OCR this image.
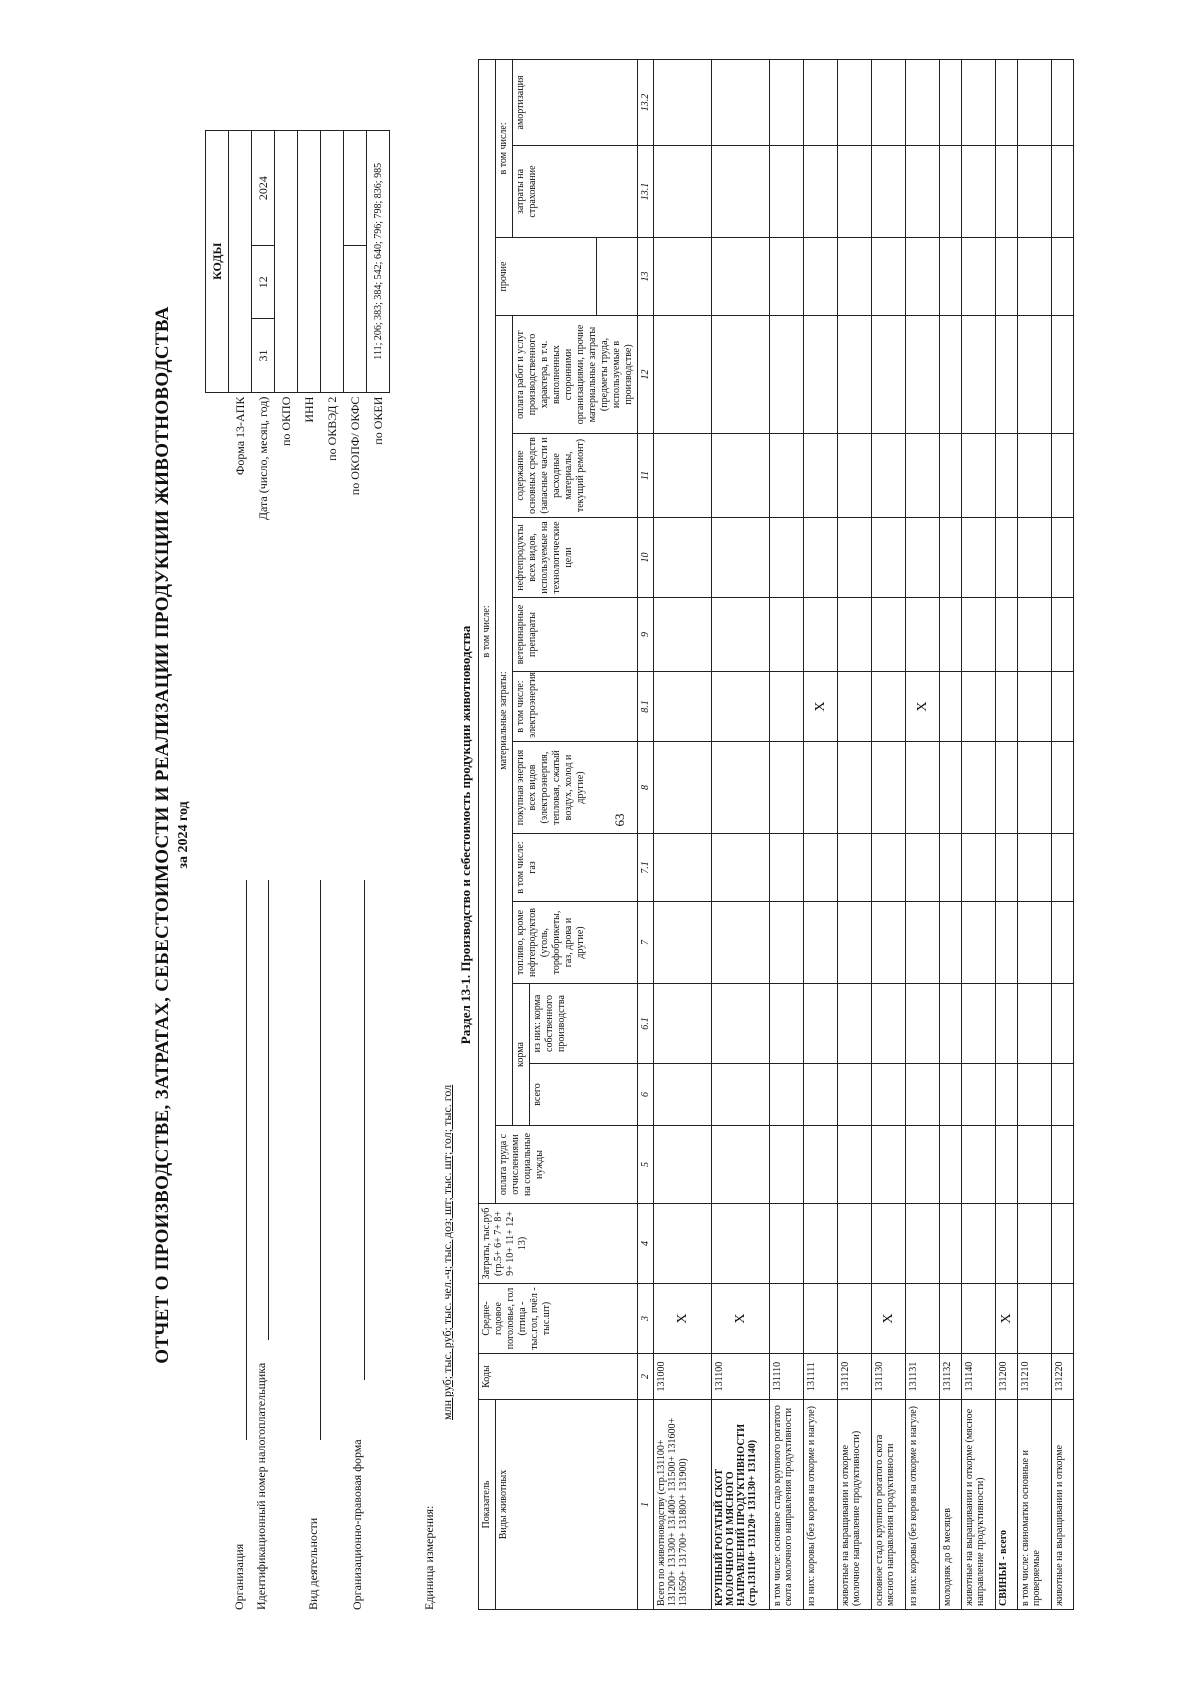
63
ОТЧЕТ О ПРОИЗВОДСТВЕ, ЗАТРАТАХ, СЕБЕСТОИМОСТИ И РЕАЛИЗАЦИИ ПРОДУКЦИИ ЖИВОТНОВОДСТВА за 2024 год
Организация Идентификационный номер налогоплательщика	Вид деятельности	Организационно-правовая форма	Единица измерения:
млн руб; тыс. руб; тыс. чел.-ч; тыс. доз; шт; тыс. шт; гол; тыс. гол
	КОДЫ		
Форма 13-АПК			
Дата (число, месяц, год)	31	12	2024
по ОКПО			
ИНН			
по ОКВЭД 2			
по ОКОПФ/ ОКФС			
по ОКЕИ	111; 206; 383; 384; 542; 640; 796; 798; 836; 985		
Раздел 13-1. Производство и себестоимость продукции животноводства
Показатель	Коды	Средне-годовое поголовье, гол (птица - тыс.гол, пчёл - тыс.шт)	Затраты, тыс.руб (гр.5+ 6+ 7+ 8+ 9+ 10+ 11+ 12+ 13)	в том числе:													
Виды животных				оплата труда с отчислениями на социальные нужды	материальные затраты:										прочие	в том числе:	
					корма		топливо, кроме нефтепродуктов (уголь, торфобрикеты, газ, дрова и другие)	в том числе: газ	покупная энергия всех видов (электроэнергия, тепловая, сжатый воздух, холод и другие)	в том числе: электроэнергия	ветеринарные препараты	нефтепродукты всех видов, используемые на технологические цели	содержание основных средств (запасные части и расходные материалы, текущий ремонт)	оплата работ и услуг производственного характера, в т.ч. выполненных сторонними организациями, прочие материальные затраты (предметы труда, используемые в производстве)		затраты на страхование	амортизация
					всего	из них: корма собственного производства											

1	2	3	4	5	6	6.1	7	7.1	8	8.1	9	10	11	12	13	13.1	13.2
Всего по животноводству (стр.131100+ 131200+ 131300+ 131400+ 131500+ 131600+ 131650+ 131700+ 131800+ 131900)	131000	X															
КРУПНЫЙ РОГАТЫЙ СКОТ МОЛОЧНОГО И МЯСНОГО НАПРАВЛЕНИЙ ПРОДУКТИВНОСТИ (стр.131110+ 131120+ 131130+ 131140)	131100	X															
в том числе: основное стадо крупного рогатого скота молочного направления продуктивности	131110																
из них: коровы (без коров на откорме и нагуле)	131111									X							
животные на выращивании и откорме (молочное направление продуктивности)	131120																
основное стадо крупного рогатого скота мясного направления продуктивности	131130	X															
из них: коровы (без коров на откорме и нагуле)	131131									X							
молодняк до 8 месяцев	131132																
животные на выращивании и откорме (мясное направление продуктивности)	131140																
СВИНЬИ - всего	131200	X															
в том числе: свиноматки основные и проверяемые	131210																
животные на выращивании и откорме	131220																
